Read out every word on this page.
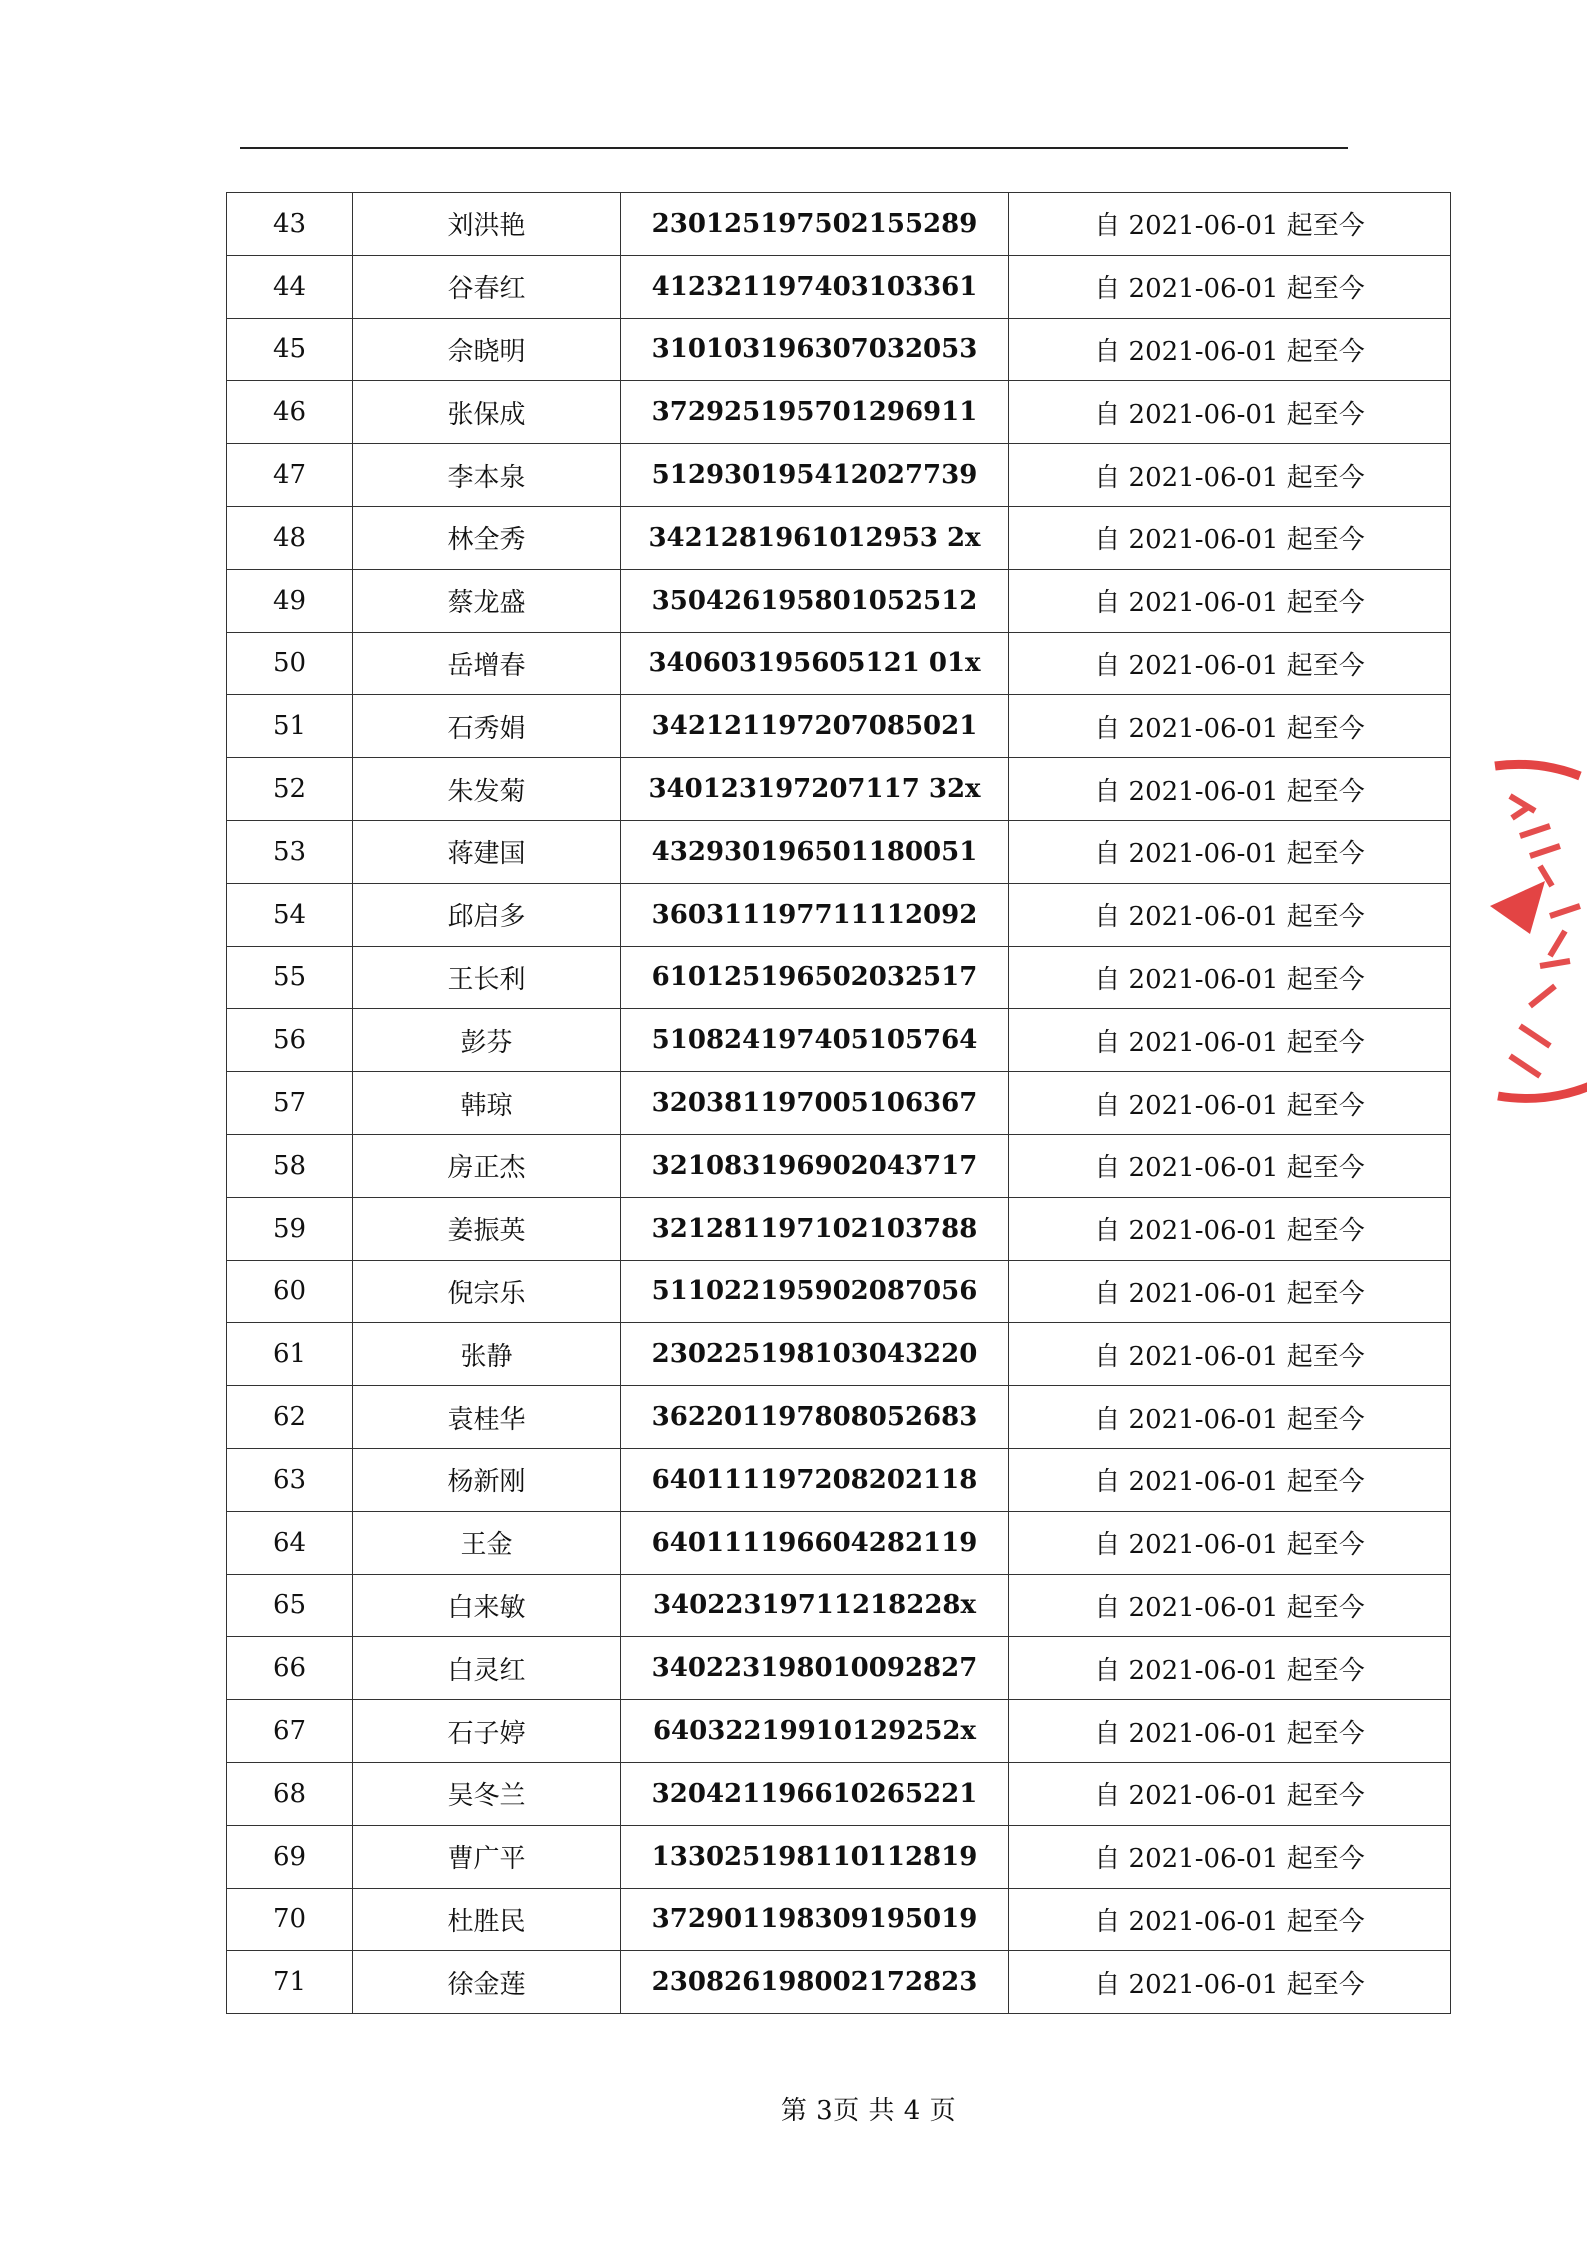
43	刘洪艳	230125197502155289	自 2021-06-01 起至今
44	谷春红	412321197403103361	自 2021-06-01 起至今
45	佘晓明	310103196307032053	自 2021-06-01 起至今
46	张保成	372925195701296911	自 2021-06-01 起至今
47	李本泉	512930195412027739	自 2021-06-01 起至今
48	林全秀	3421281961012953 2x	自 2021-06-01 起至今
49	蔡龙盛	350426195801052512	自 2021-06-01 起至今
50	岳增春	340603195605121 01x	自 2021-06-01 起至今
51	石秀娟	342121197207085021	自 2021-06-01 起至今
52	朱发菊	340123197207117 32x	自 2021-06-01 起至今
53	蒋建国	432930196501180051	自 2021-06-01 起至今
54	邱启多	360311197711112092	自 2021-06-01 起至今
55	王长利	610125196502032517	自 2021-06-01 起至今
56	彭芬	510824197405105764	自 2021-06-01 起至今
57	韩琼	320381197005106367	自 2021-06-01 起至今
58	房正杰	321083196902043717	自 2021-06-01 起至今
59	姜振英	321281197102103788	自 2021-06-01 起至今
60	倪宗乐	511022195902087056	自 2021-06-01 起至今
61	张静	230225198103043220	自 2021-06-01 起至今
62	袁桂华	362201197808052683	自 2021-06-01 起至今
63	杨新刚	640111197208202118	自 2021-06-01 起至今
64	王金	640111196604282119	自 2021-06-01 起至今
65	白来敏	34022319711218228x	自 2021-06-01 起至今
66	白灵红	340223198010092827	自 2021-06-01 起至今
67	石子婷	64032219910129252x	自 2021-06-01 起至今
68	吴冬兰	320421196610265221	自 2021-06-01 起至今
69	曹广平	133025198110112819	自 2021-06-01 起至今
70	杜胜民	372901198309195019	自 2021-06-01 起至今
71	徐金莲	230826198002172823	自 2021-06-01 起至今
第 3页 共 4 页
